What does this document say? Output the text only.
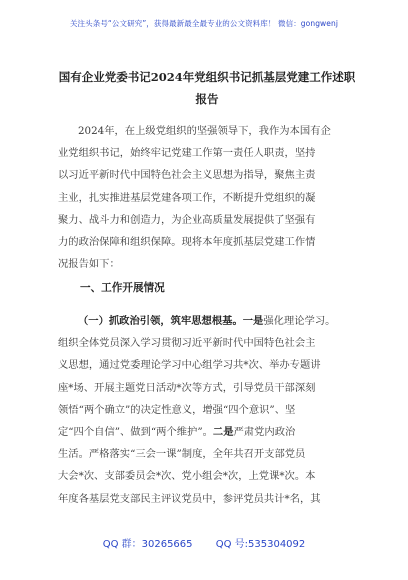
关注头条号“公文研究”，获得最新最全最专业的公文资料库！ 微信：gongwenj
国有企业党委书记2024年党组织书记抓基层党建工作述职
报告
2024年，在上级党组织的坚强领导下，我作为本国有企
业党组织书记，始终牢记党建工作第一责任人职责，坚持
以习近平新时代中国特色社会主义思想为指导，聚焦主责
主业，扎实推进基层党建各项工作，不断提升党组织的凝
聚力、战斗力和创造力，为企业高质量发展提供了坚强有
力的政治保障和组织保障。现将本年度抓基层党建工作情
况报告如下：
一、工作开展情况
（一）抓政治引领，筑牢思想根基。一是强化理论学习。
组织全体党员深入学习贯彻习近平新时代中国特色社会主
义思想，通过党委理论学习中心组学习共*次、举办专题讲
座*场、开展主题党日活动*次等方式，引导党员干部深刻
领悟“两个确立”的决定性意义，增强“四个意识”、坚
定“四个自信”、做到“两个维护”。二是严肃党内政治
生活。严格落实“三会一课”制度，全年共召开支部党员
大会*次、支部委员会*次、党小组会*次，上党课*次。本
年度各基层党支部民主评议党员中，参评党员共计*名，其
QQ 群：30265665 QQ 号:535304092
